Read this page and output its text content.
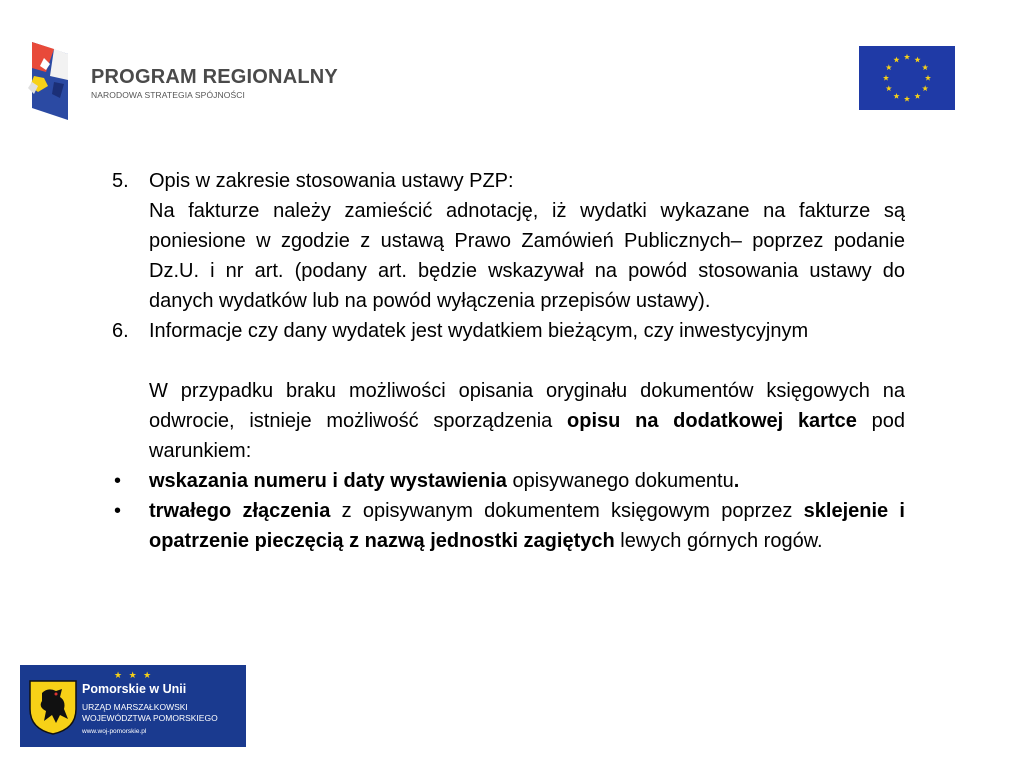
PROGRAM REGIONALNY
NARODOWA STRATEGIA SPÓJNOŚCI
5. Opis w zakresie stosowania ustawy PZP:
Na fakturze należy zamieścić adnotację, iż wydatki wykazane na fakturze są poniesione w zgodzie z ustawą Prawo Zamówień Publicznych– poprzez podanie Dz.U. i nr art. (podany art. będzie wskazywał na powód stosowania ustawy do danych wydatków lub na powód wyłączenia przepisów ustawy).
6. Informacje czy dany wydatek jest wydatkiem bieżącym, czy inwestycyjnym
W przypadku braku możliwości opisania oryginału dokumentów księgowych na odwrocie, istnieje możliwość sporządzenia opisu na dodatkowej kartce pod warunkiem:
• wskazania numeru i daty wystawienia opisywanego dokumentu.
• trwałego złączenia z opisywanym dokumentem księgowym poprzez sklejenie i opatrzenie pieczęcią z nazwą jednostki zagiętych lewych górnych rogów.
★ ★ ★
Pomorskie w Unii
URZĄD MARSZAŁKOWSKI
WOJEWÓDZTWA POMORSKIEGO
www.woj-pomorskie.pl
